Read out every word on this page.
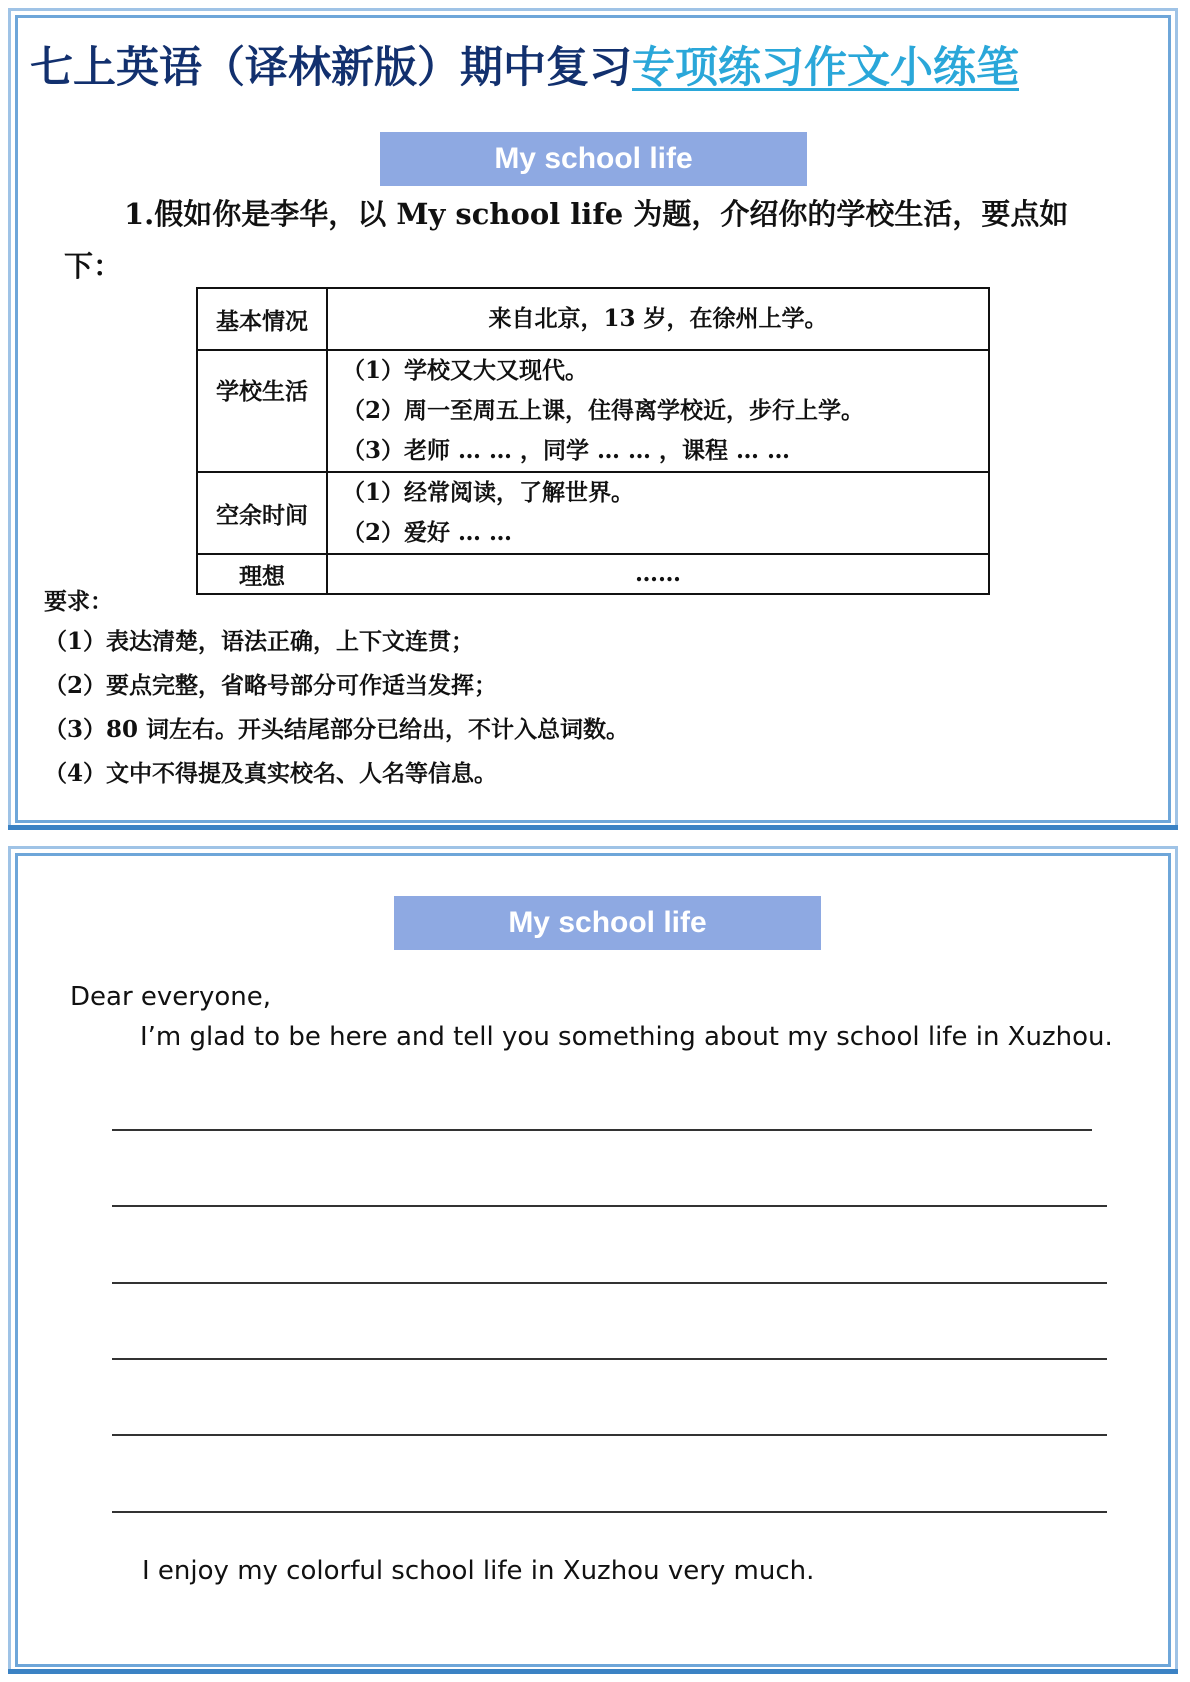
七上英语（译林新版）期中复习专项练习作文小练笔
My school life
1.假如你是李华，以 My school life 为题，介绍你的学校生活，要点如下：
基本情况	来自北京，13 岁，在徐州上学。

学校生活	（1）学校又大又现代。
（2）周一至周五上课，住得离学校近，步行上学。
（3）老师 … … ，同学 … … ，课程 … …

空余时间	（1）经常阅读，了解世界。
（2）爱好 … …

理想	……
要求：
（1）表达清楚，语法正确，上下文连贯；
（2）要点完整，省略号部分可作适当发挥；
（3）80 词左右。开头结尾部分已给出，不计入总词数。
（4）文中不得提及真实校名、人名等信息。
My school life
Dear everyone,
I’m glad to be here and tell you something about my school life in Xuzhou.
I enjoy my colorful school life in Xuzhou very much.
